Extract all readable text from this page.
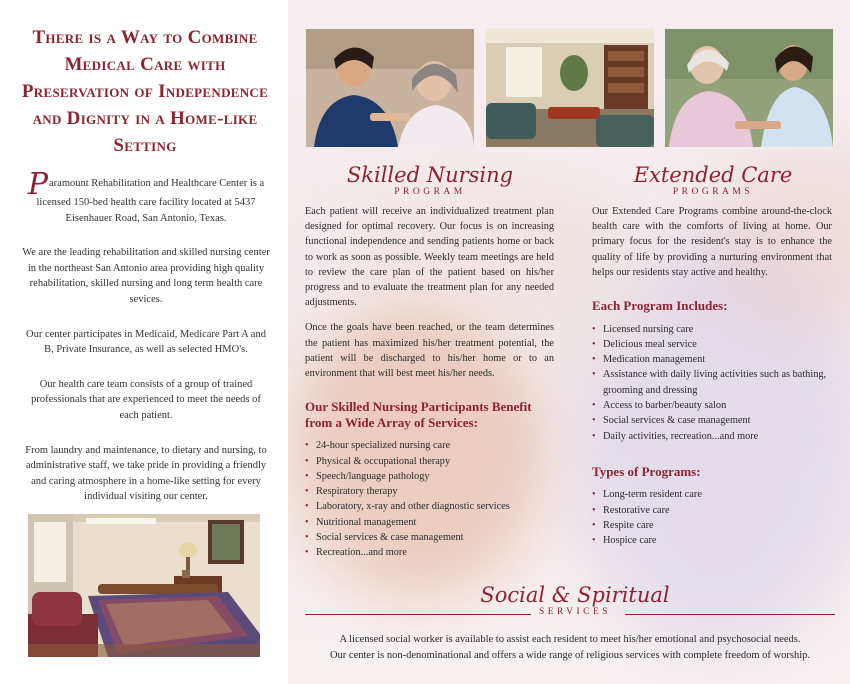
There is a Way to Combine Medical Care with Preservation of Independence and Dignity in a Home-like Setting

Paramount Rehabilitation and Healthcare Center is a licensed 150-bed health care facility located at 5437 Eisenhauer Road, San Antonio, Texas.

We are the leading rehabilitation and skilled nursing center in the northeast San Antonio area providing high quality rehabilitation, skilled nursing and long term health care sevices.

Our center participates in Medicaid, Medicare Part A and B, Private Insurance, as well as selected HMO's.

Our health care team consists of a group of trained professionals that are experienced to meet the needs of each patient.

From laundry and maintenance, to dietary and nursing, to administrative staff, we take pride in providing a friendly and caring atmosphere in a home-like setting for every individual visiting our center.

Skilled Nursing
PROGRAM

Each patient will receive an individualized treatment plan designed for optimal recovery. Our focus is on increasing functional independence and sending patients home or back to work as soon as possible. Weekly team meetings are held to review the care plan of the patient based on his/her progress and to evaluate the treatment plan for any needed adjustments.

Once the goals have been reached, or the team determines the patient has maximized his/her treatment potential, the patient will be discharged to his/her home or to an environment that will best meet his/her needs.

Our Skilled Nursing Participants Benefit from a Wide Array of Services:
• 24-hour specialized nursing care
• Physical & occupational therapy
• Speech/language pathology
• Respiratory therapy
• Laboratory, x-ray and other diagnostic services
• Nutritional management
• Social services & case management
• Recreation...and more
Extended Care
PROGRAMS

Our Extended Care Programs combine around-the-clock health care with the comforts of living at home. Our primary focus for the resident's stay is to enhance the quality of life by providing a nurturing environment that helps our residents stay active and healthy.

Each Program Includes:
• Licensed nursing care
• Delicious meal service
• Medication management
• Assistance with daily living activities such as bathing, grooming and dressing
• Access to barber/beauty salon
• Social services & case management
• Daily activities, recreation...and more
Types of Programs:
• Long-term resident care
• Restorative care
• Respite care
• Hospice care
Social & Spiritual
SERVICES
A licensed social worker is available to assist each resident to meet his/her emotional and psychosocial needs.
Our center is non-denominational and offers a wide range of religious services with complete freedom of worship.
